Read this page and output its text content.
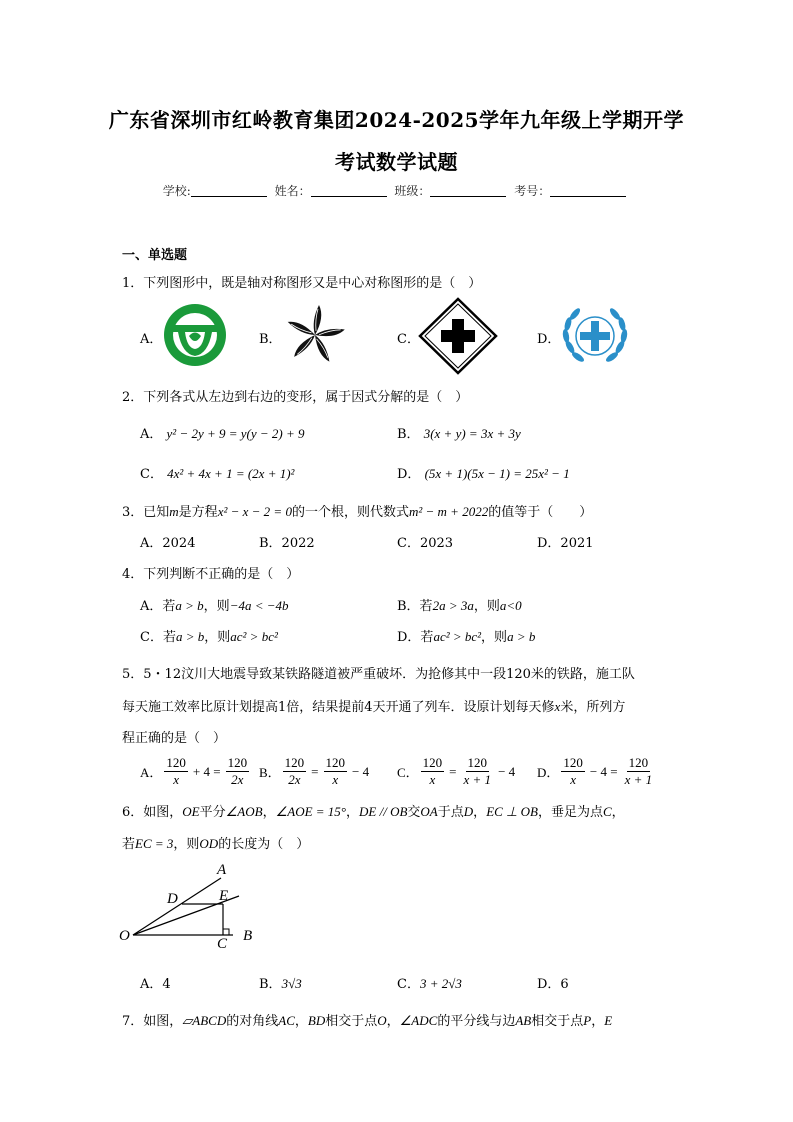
广东省深圳市红岭教育集团2024-2025学年九年级上学期开学
考试数学试题
学校:	姓名：	班级：	考号：
一、单选题
1．下列图形中，既是轴对称图形又是中心对称图形的是（　）
A．	B．	C．	D．
2．下列各式从左边到右边的变形，属于因式分解的是（　）
A． y² − 2y + 9 = y(y − 2) + 9	B． 3(x + y) = 3x + 3y
C． 4x² + 4x + 1 = (2x + 1)²	D． (5x + 1)(5x − 1) = 25x² − 1
3．已知m是方程x² − x − 2 = 0的一个根，则代数式m² − m + 2022的值等于（　　）
A．2024	B．2022	C．2023	D．2021
4．下列判断不正确的是（　）
A．若a > b，则−4a < −4b	B．若2a > 3a，则a<0
C．若a > b，则ac² > bc²	D．若ac² > bc²，则a > b
5．5・12汶川大地震导致某铁路隧道被严重破坏．为抢修其中一段120米的铁路，施工队
每天施工效率比原计划提高1倍，结果提前4天开通了列车．设原计划每天修x米，所列方
程正确的是（　）
A． $\frac{120}{x} + 4 = \frac{120}{2x}$ B． $\frac{120}{2x} = \frac{120}{x} - 4$ C． $\frac{120}{x} = \frac{120}{x + 1} - 4$ D． $\frac{120}{x} - 4 = \frac{120}{x + 1}$
6．如图，OE平分∠AOB，∠AOE = 15°，DE // OB交OA于点D，EC ⊥ OB，垂足为点C，
若EC = 3，则OD的长度为（　）
A
D	E
O	C B
A．4	B．3√3	C．3 + 2√3	D．6
7．如图，▱ABCD的对角线AC，BD相交于点O，∠ADC的平分线与边AB相交于点P，E
